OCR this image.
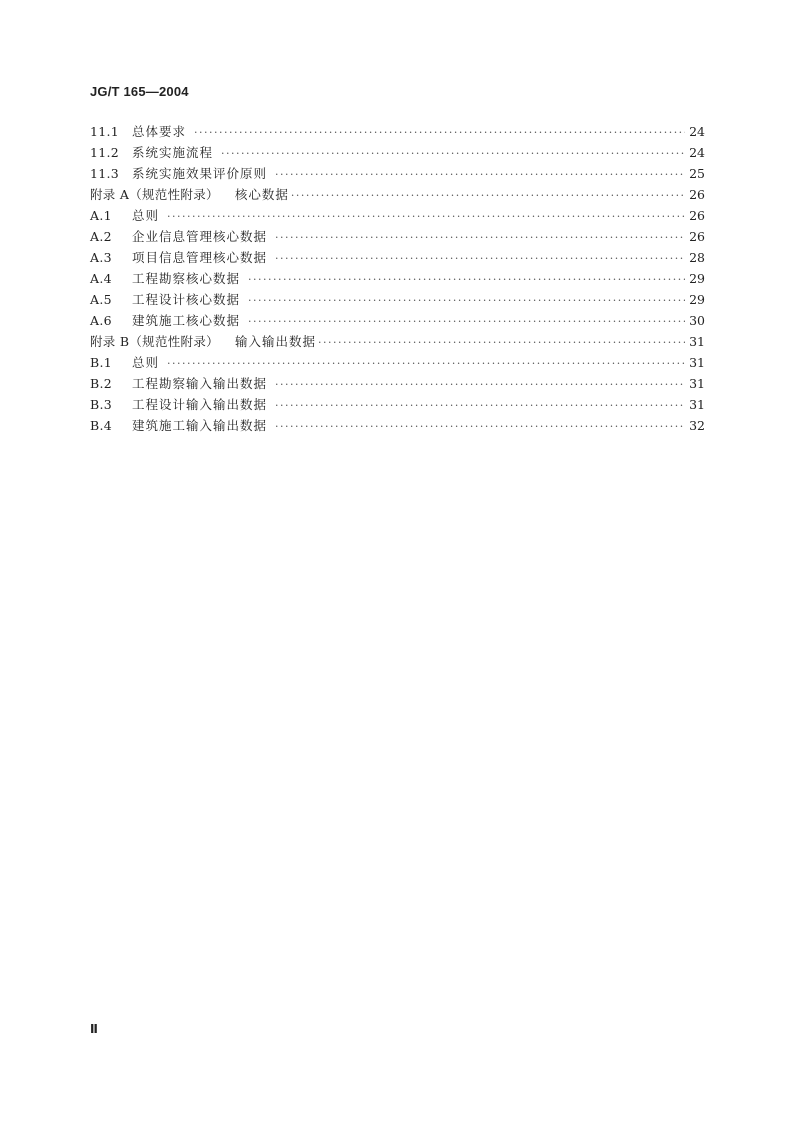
JG/T 165—2004
11.1	总体要求 ·····	24
11.2	系统实施流程 ·····	24
11.3	系统实施效果评价原则 ·····	25
附录 A（规范性附录） 核心数据 ·····	26
A.1	总则 ·····	26
A.2	企业信息管理核心数据 ·····	26
A.3	项目信息管理核心数据 ·····	28
A.4	工程勘察核心数据 ·····	29
A.5	工程设计核心数据 ·····	29
A.6	建筑施工核心数据 ·····	30
附录 B（规范性附录） 输入输出数据 ·····	31
B.1	总则 ·····	31
B.2	工程勘察输入输出数据 ·····	31
B.3	工程设计输入输出数据 ·····	31
B.4	建筑施工输入输出数据 ·····	32
Ⅱ
